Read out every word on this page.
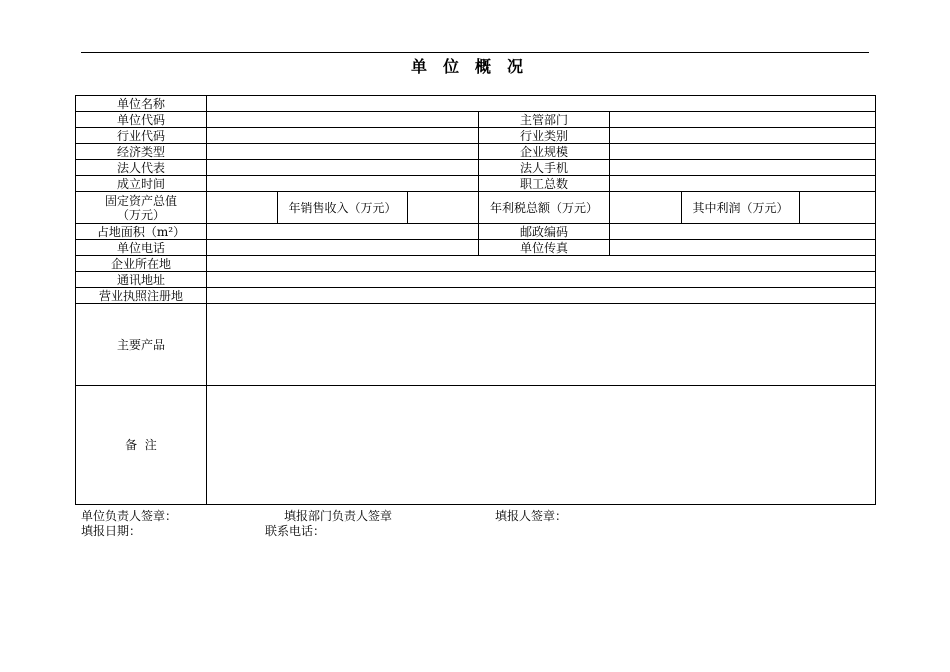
单位概况
单位名称							
单位代码				主管部门			
行业代码				行业类别			
经济类型				企业规模			
法人代表				法人手机			
成立时间				职工总数			

固定资产总值
（万元）		年销售收入（万元）		年利税总额（万元）		其中利润（万元）	
占地面积（m²）				邮政编码			
单位电话				单位传真			
企业所在地							
通讯地址							
营业执照注册地							
主要产品							
备  注							
单位负责人签章：	填报部门负责人签章	填报人签章：
填报日期：	联系电话：
